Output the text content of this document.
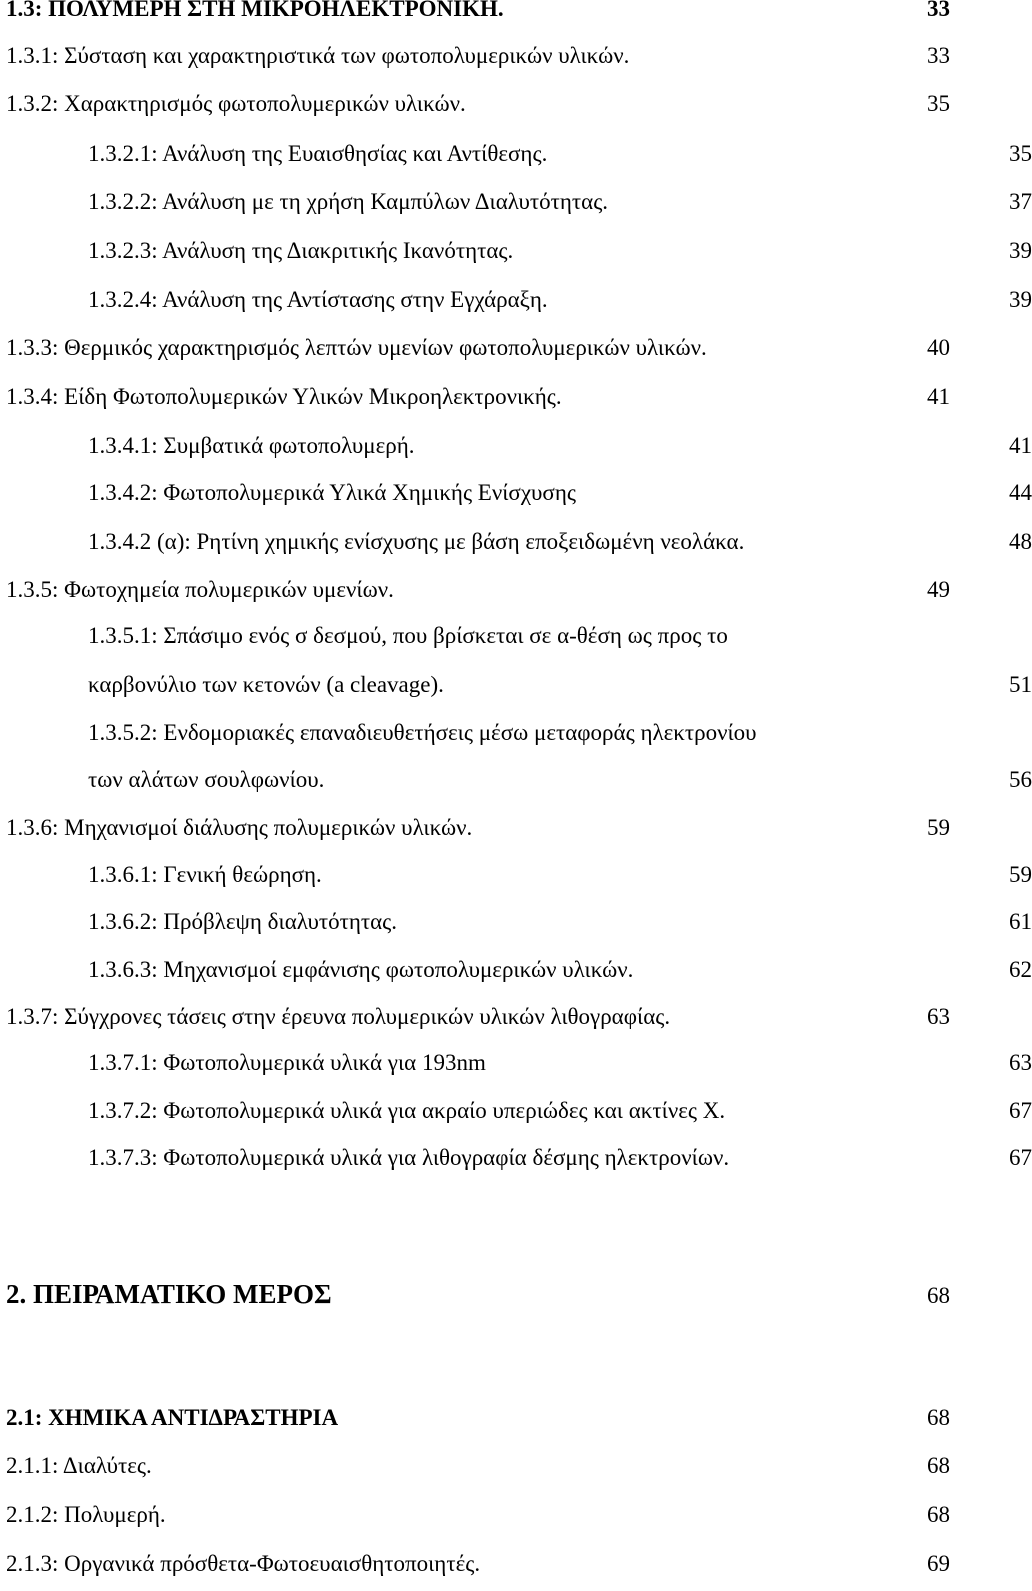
1.3: ΠΟΛΥΜΕΡΗ ΣΤΗ ΜΙΚΡΟΗΛΕΚΤΡΟΝΙΚΗ.	33
1.3.1: Σύσταση και χαρακτηριστικά των φωτοπολυμερικών υλικών.	33
1.3.2: Χαρακτηρισμός φωτοπολυμερικών υλικών.	35
1.3.2.1: Ανάλυση της Ευαισθησίας και Αντίθεσης.	35
1.3.2.2: Ανάλυση με τη χρήση Καμπύλων Διαλυτότητας.	37
1.3.2.3: Ανάλυση της Διακριτικής Ικανότητας.	39
1.3.2.4: Ανάλυση της Αντίστασης στην Εγχάραξη.	39
1.3.3: Θερμικός χαρακτηρισμός λεπτών υμενίων φωτοπολυμερικών υλικών.	40
1.3.4: Είδη Φωτοπολυμερικών Υλικών Μικροηλεκτρονικής.	41
1.3.4.1: Συμβατικά φωτοπολυμερή.	41
1.3.4.2: Φωτοπολυμερικά Υλικά Χημικής Ενίσχυσης	44
1.3.4.2 (α): Ρητίνη χημικής ενίσχυσης με βάση εποξειδωμένη νεολάκα.	48
1.3.5: Φωτοχημεία πολυμερικών υμενίων.	49
1.3.5.1: Σπάσιμο ενός σ δεσμού, που βρίσκεται σε α-θέση ως προς το
καρβονύλιο των κετονών (a cleavage).	51
1.3.5.2: Ενδομοριακές επαναδιευθετήσεις μέσω μεταφοράς ηλεκτρονίου
των αλάτων σουλφωνίου.	56
1.3.6: Μηχανισμοί διάλυσης πολυμερικών υλικών.	59
1.3.6.1: Γενική θεώρηση.	59
1.3.6.2: Πρόβλεψη διαλυτότητας.	61
1.3.6.3: Μηχανισμοί εμφάνισης φωτοπολυμερικών υλικών.	62
1.3.7: Σύγχρονες τάσεις στην έρευνα πολυμερικών υλικών λιθογραφίας.	63
1.3.7.1: Φωτοπολυμερικά υλικά για 193nm	63
1.3.7.2: Φωτοπολυμερικά υλικά για ακραίο υπεριώδες και ακτίνες Χ.	67
1.3.7.3: Φωτοπολυμερικά υλικά για λιθογραφία δέσμης ηλεκτρονίων.	67
2. ΠΕΙΡΑΜΑΤΙΚΟ ΜΕΡΟΣ	68
2.1: ΧΗΜΙΚΑ ΑΝΤΙΔΡΑΣΤΗΡΙΑ	68
2.1.1: Διαλύτες.	68
2.1.2: Πολυμερή.	68
2.1.3: Οργανικά πρόσθετα-Φωτοευαισθητοποιητές.	69
